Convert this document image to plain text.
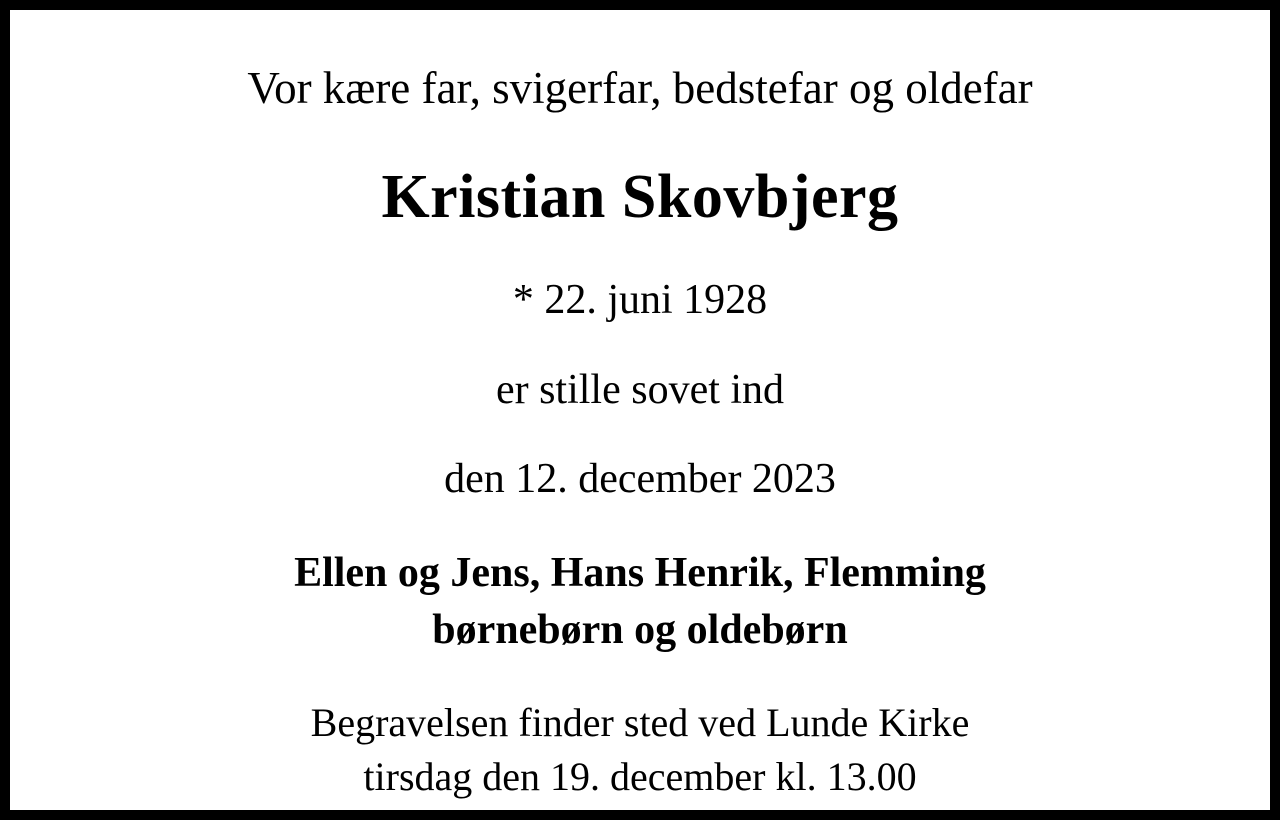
Vor kære far, svigerfar, bedstefar og oldefar
Kristian Skovbjerg
* 22. juni 1928
er stille sovet ind
den 12. december 2023
Ellen og Jens, Hans Henrik, Flemming
børnebørn og oldebørn
Begravelsen finder sted ved Lunde Kirke
tirsdag den 19. december kl. 13.00
